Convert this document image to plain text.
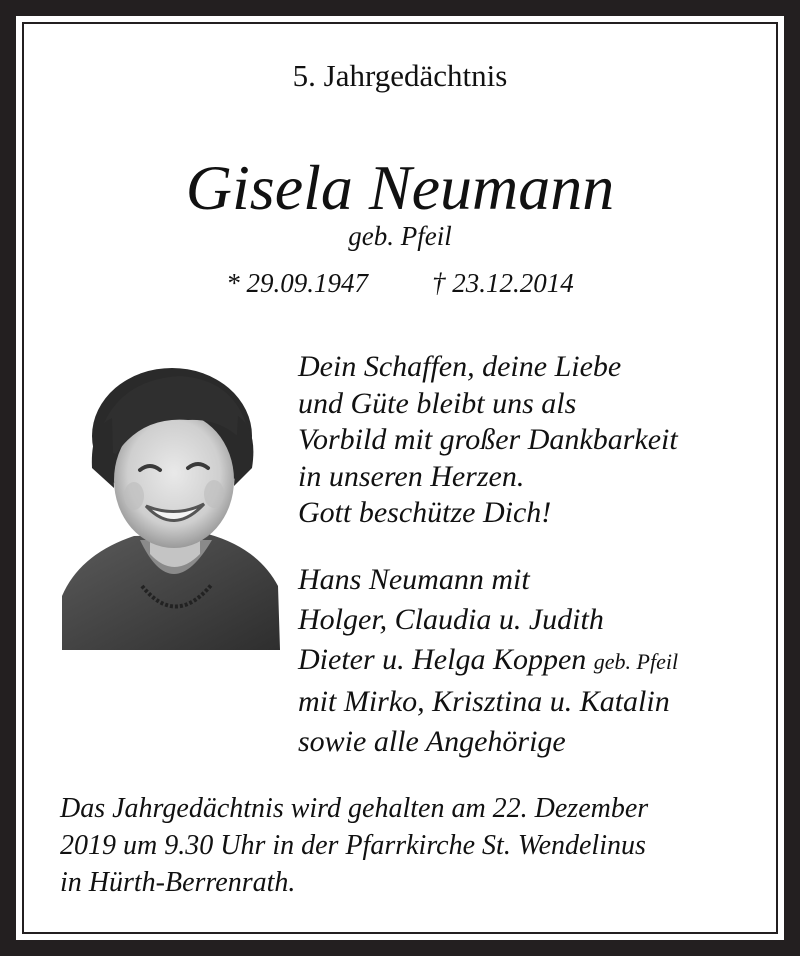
5. Jahrgedächtnis
Gisela Neumann
geb. Pfeil
* 29.09.1947 † 23.12.2014
Dein Schaffen, deine Liebe
und Güte bleibt uns als
Vorbild mit großer Dankbarkeit
in unseren Herzen.
Gott beschütze Dich!
Hans Neumann mit
Holger, Claudia u. Judith
Dieter u. Helga Koppen geb. Pfeil
mit Mirko, Krisztina u. Katalin
sowie alle Angehörige
Das Jahrgedächtnis wird gehalten am 22. Dezember
2019 um 9.30 Uhr in der Pfarrkirche St. Wendelinus
in Hürth-Berrenrath.
